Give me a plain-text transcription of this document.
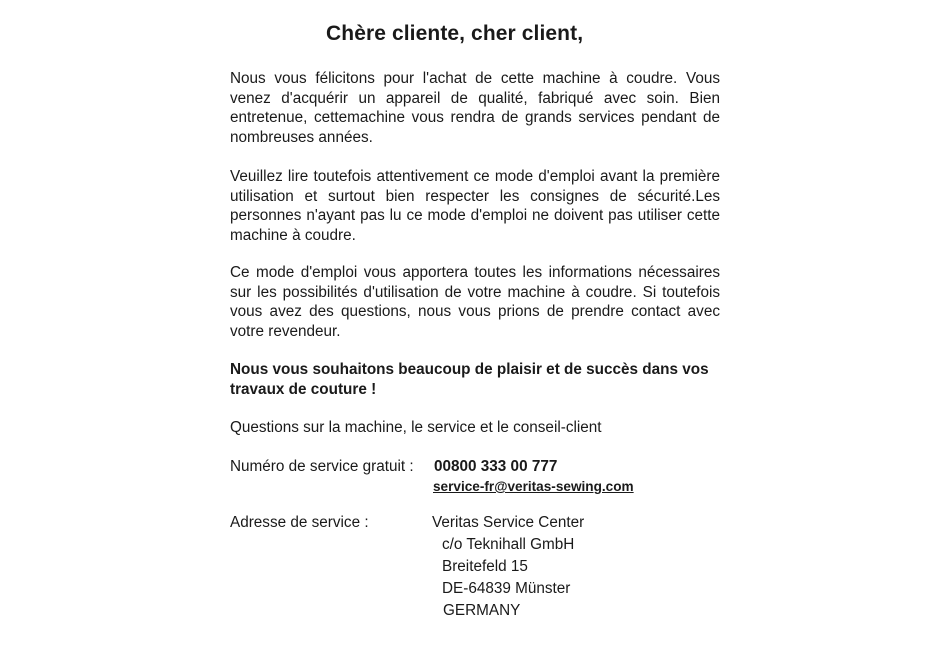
Chère cliente, cher client,

Nous vous félicitons pour l'achat de cette machine à coudre. Vous venez d'acquérir un appareil de qualité, fabriqué avec soin. Bien entretenue, cettemachine vous rendra de grands services pendant de nombreuses années.

Veuillez lire toutefois attentivement ce mode d'emploi avant la première utilisation et surtout bien respecter les consignes de sécurité.Les personnes n'ayant pas lu ce mode d'emploi ne doivent pas utiliser cette machine à coudre.

Ce mode d'emploi vous apportera toutes les informations nécessaires sur les possibilités d'utilisation de votre machine à coudre. Si toutefois vous avez des questions, nous vous prions de prendre contact avec votre revendeur.

Nous vous souhaitons beaucoup de plaisir et de succès dans vos travaux de couture !

Questions sur la machine, le service et le conseil-client
Numéro de service gratuit : 00800 333 00 777
service-fr@veritas-sewing.com
Adresse de service :	Veritas Service Center
c/o Teknihall GmbH
Breitefeld 15
DE-64839 Münster
GERMANY
